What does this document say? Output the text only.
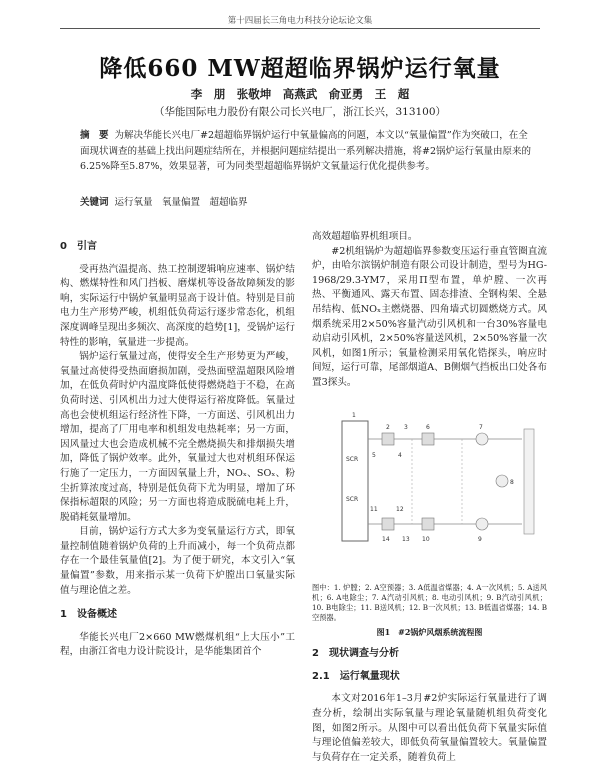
第十四届长三角电力科技分论坛论文集
降低660 MW超超临界锅炉运行氧量
李　朋　张敬坤　高燕武　俞亚勇　王　超
（华能国际电力股份有限公司长兴电厂，浙江长兴，313100）
摘　要 为解决华能长兴电厂#2超超临界锅炉运行中氧量偏高的问题，本文以“氧量偏置”作为突破口，在全面现状调查的基础上找出问题症结所在，并根据问题症结提出一系列解决措施，将#2锅炉运行氧量由原来的6.25%降至5.87%，效果显著，可为同类型超超临界锅炉文氧量运行优化提供参考。
关键词 运行氧量　氧量偏置　超超临界
0　引言
受再热汽温提高、热工控制逻辑响应速率、锅炉结构、燃煤特性和风门挡板、磨煤机等设备故障频发的影响，实际运行中锅炉氧量明显高于设计值。特别是目前电力生产形势严峻，机组低负荷运行逐步常态化，机组深度调峰呈现出多频次、高深度的趋势[1]，受锅炉运行特性的影响，氧量进一步提高。
锅炉运行氧量过高，使得安全生产形势更为严峻，氧量过高使得受热面磨损加剧，受热面壁温超限风险增加，在低负荷时炉内温度降低使得燃烧趋于不稳，在高负荷时送、引风机出力过大使得运行裕度降低。氧量过高也会使机组运行经济性下降，一方面送、引风机出力增加，提高了厂用电率和机组发电热耗率；另一方面，因风量过大也会造成机械不完全燃烧损失和排烟损失增加，降低了锅炉效率。此外，氧量过大也对机组环保运行施了一定压力，一方面因氧量上升，NOₓ、SOₓ、粉尘折算浓度过高，特别是低负荷下尤为明显，增加了环保指标超限的风险；另一方面也将造成脱硫电耗上升，脱硝耗氨量增加。
目前，锅炉运行方式大多为变氧量运行方式，即氧量控制值随着锅炉负荷的上升而减小，每一个负荷点都存在一个最佳氧量值[2]。为了便于研究，本文引入“氧量偏置”参数，用来指示某一负荷下炉膛出口氧量实际值与理论值之差。
1　设备概述
华能长兴电厂2×660 MW燃煤机组“上大压小”工程，由浙江省电力设计院设计，是华能集团首个
高效超超临界机组项目。
#2机组锅炉为超超临界参数变压运行垂直管圈直流炉，由哈尔滨锅炉制造有限公司设计制造，型号为HG-1968/29.3-YM7，采用Π型布置，单炉膛、一次再热、平衡通风、露天布置、固态排渣、全钢构架、全悬吊结构、低NOₓ主燃烧器、四角墙式切圆燃烧方式。风烟系统采用2×50%容量汽动引风机和一台30%容量电动启动引风机，2×50%容量送风机，2×50%容量一次风机，如图1所示；氧量检测采用氧化锆探头，响应时间短，运行可靠，尾部烟道A、B侧烟气挡板出口处各布置3探头。
SCR
SCR
1
2 3
4
5
6	7
8
9
10
11	12
13
14
图中：1. 炉膛；2. A空预器；3. A低温省煤器；4. A一次风机；5. A送风机；6. A电除尘；7. A汽动引风机；8. 电动引风机；9. B汽动引风机；10. B电除尘；11. B送风机；12. B一次风机；13. B低温省煤器；14. B空预器。
图1　#2锅炉风烟系统流程图
2　现状调查与分析
2.1　运行氧量现状
本文对2016年1–3月#2炉实际运行氧量进行了调查分析，绘制出实际氧量与理论氧量随机组负荷变化图，如图2所示。从图中可以看出低负荷下氧量实际值与理论值偏差较大，即低负荷氧量偏置较大。氧量偏置与负荷存在一定关系，随着负荷上
